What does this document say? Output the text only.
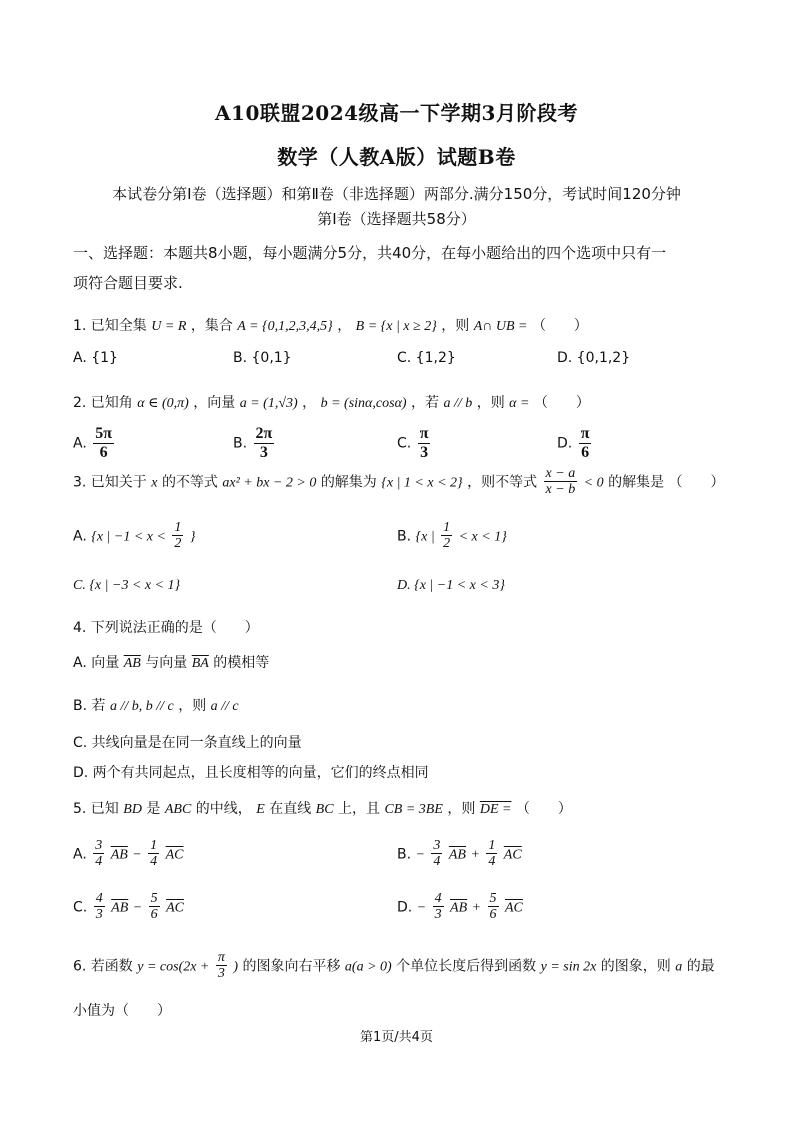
A10联盟2024级高一下学期3月阶段考
数学（人教A版）试题B卷
本试卷分第Ⅰ卷（选择题）和第Ⅱ卷（非选择题）两部分.满分150分，考试时间120分钟
第Ⅰ卷（选择题共58分）
一、选择题：本题共8小题，每小题满分5分，共40分，在每小题给出的四个选项中只有一
项符合题目要求.
1. 已知全集 U = R ，集合 A = {0,1,2,3,4,5} ， B = {x | x ≥ 2} ，则 A∩ UB = （　　）
A. {1}	B. {0,1}	C. {1,2}	D. {0,1,2}
2. 已知角 α ∈ (0,π) ，向量 a = (1,√3) ， b = (sinα,cosα) ，若 a // b ，则 α = （　　）
A. $\frac{5\pi}{6}$	B. $\frac{2\pi}{3}$	C. $\frac{\pi}{3}$	D. $\frac{\pi}{6}$
3. 已知关于 x 的不等式 ax² + bx − 2 > 0 的解集为 {x | 1 < x < 2} ，则不等式 $\frac{x - a}{x - b} < 0$ 的解集是 （　　）
A. {x | $-1 < x < \frac{1}{2}$ }	B. {x | $\frac{1}{2} < x < 1$}
C. {x | −3 < x < 1}	D. {x | −1 < x < 3}
4. 下列说法正确的是（　　）
A. 向量 $\overline{AB}$ 与向量 $\overline{BA}$ 的模相等
B. 若 a // b, b // c ，则 a // c
C. 共线向量是在同一条直线上的向量
D. 两个有共同起点，且长度相等的向量，它们的终点相同
5. 已知 BD 是 ABC 的中线， E 在直线 BC 上，且 CB = 3BE ，则 DE = （　　）
A. $\frac{3}{4} \overline{AB} - \frac{1}{4} \overline{AC}$	B. − $\frac{3}{4} \overline{AB} + \frac{1}{4} \overline{AC}$
C. $\frac{4}{3} \overline{AB} - \frac{5}{6} \overline{AC}$	D. − $\frac{4}{3} \overline{AB} + \frac{5}{6} \overline{AC}$
6. 若函数 $y = \cos(2x + \frac{\pi}{3}$ ) 的图象向右平移 a(a > 0) 个单位长度后得到函数 y = sin 2x 的图象，则 a 的最
小值为（　　）
第1页/共4页
